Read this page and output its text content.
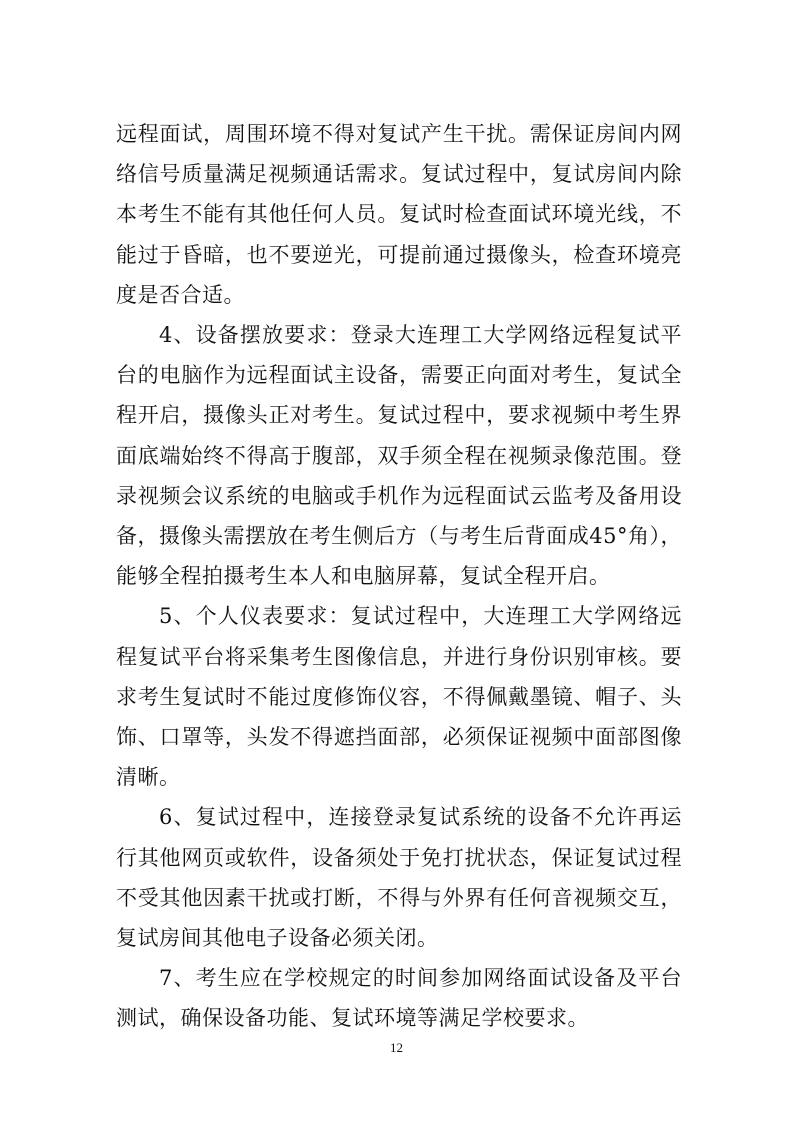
远程面试，周围环境不得对复试产生干扰。需保证房间内网络信号质量满足视频通话需求。复试过程中，复试房间内除本考生不能有其他任何人员。复试时检查面试环境光线，不能过于昏暗，也不要逆光，可提前通过摄像头，检查环境亮度是否合适。

4、设备摆放要求：登录大连理工大学网络远程复试平台的电脑作为远程面试主设备，需要正向面对考生，复试全程开启，摄像头正对考生。复试过程中，要求视频中考生界面底端始终不得高于腹部，双手须全程在视频录像范围。登录视频会议系统的电脑或手机作为远程面试云监考及备用设备，摄像头需摆放在考生侧后方（与考生后背面成45°角），能够全程拍摄考生本人和电脑屏幕，复试全程开启。

5、个人仪表要求：复试过程中，大连理工大学网络远程复试平台将采集考生图像信息，并进行身份识别审核。要求考生复试时不能过度修饰仪容，不得佩戴墨镜、帽子、头饰、口罩等，头发不得遮挡面部，必须保证视频中面部图像清晰。

6、复试过程中，连接登录复试系统的设备不允许再运行其他网页或软件，设备须处于免打扰状态，保证复试过程不受其他因素干扰或打断，不得与外界有任何音视频交互，复试房间其他电子设备必须关闭。

7、考生应在学校规定的时间参加网络面试设备及平台测试，确保设备功能、复试环境等满足学校要求。

12
